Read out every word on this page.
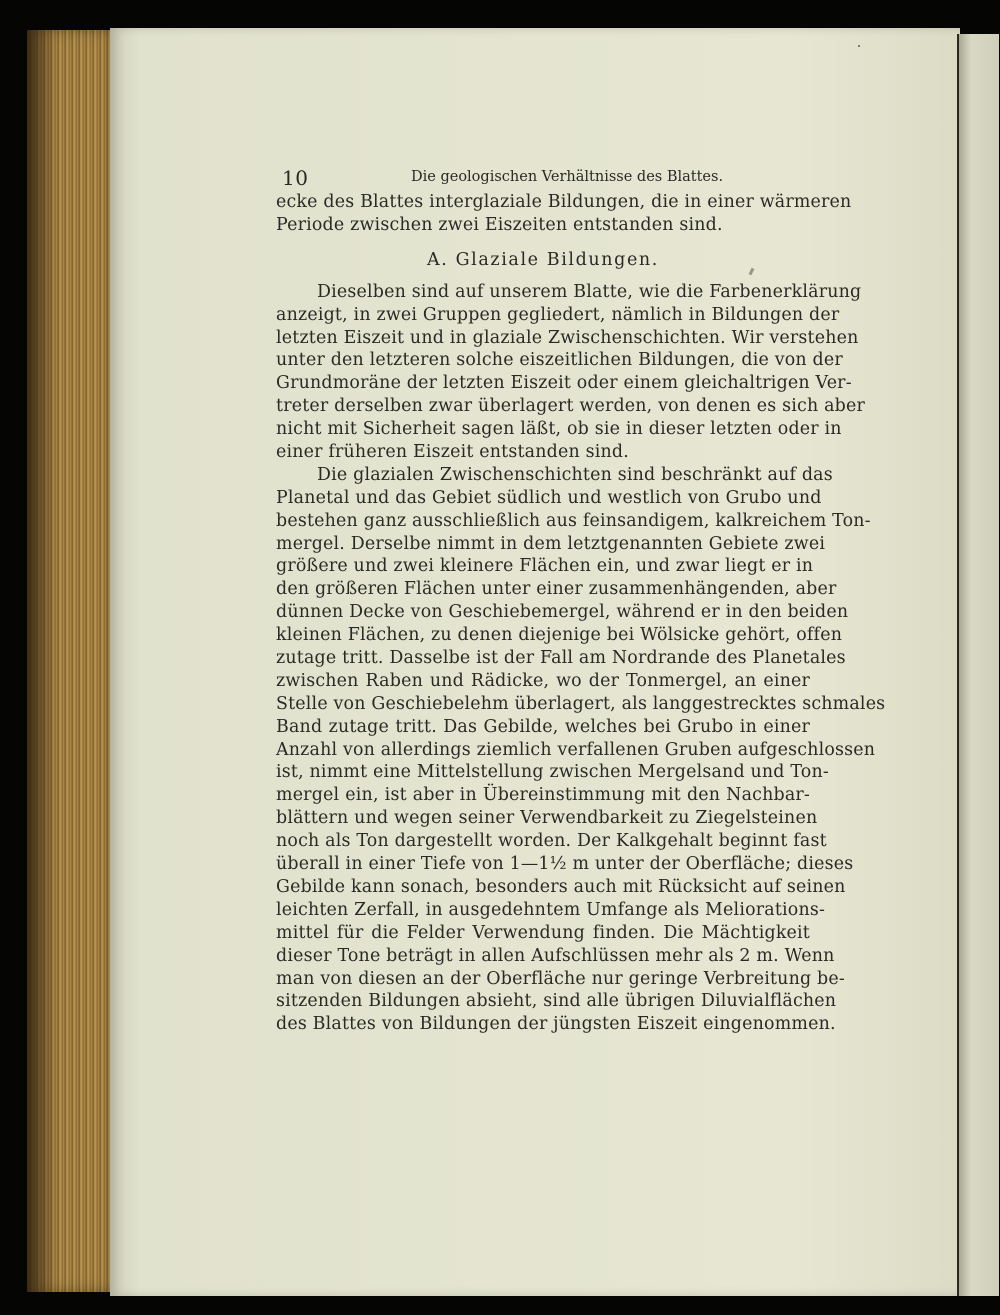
10	Die geologischen Verhältnisse des Blattes.
ecke des Blattes interglaziale Bildungen, die in einer wärmeren
Periode zwischen zwei Eiszeiten entstanden sind.
A. Glaziale Bildungen.
Dieselben sind auf unserem Blatte, wie die Farbenerklärung
anzeigt, in zwei Gruppen gegliedert, nämlich in Bildungen der
letzten Eiszeit und in glaziale Zwischenschichten. Wir verstehen
unter den letzteren solche eiszeitlichen Bildungen, die von der
Grundmoräne der letzten Eiszeit oder einem gleichaltrigen Ver-
treter derselben zwar überlagert werden, von denen es sich aber
nicht mit Sicherheit sagen läßt, ob sie in dieser letzten oder in
einer früheren Eiszeit entstanden sind.
Die glazialen Zwischenschichten sind beschränkt auf das
Planetal und das Gebiet südlich und westlich von Grubo und
bestehen ganz ausschließlich aus feinsandigem, kalkreichem Ton-
mergel. Derselbe nimmt in dem letztgenannten Gebiete zwei
größere und zwei kleinere Flächen ein, und zwar liegt er in
den größeren Flächen unter einer zusammenhängenden, aber
dünnen Decke von Geschiebemergel, während er in den beiden
kleinen Flächen, zu denen diejenige bei Wölsicke gehört, offen
zutage tritt. Dasselbe ist der Fall am Nordrande des Planetales
zwischen Raben und Rädicke, wo der Tonmergel, an einer
Stelle von Geschiebelehm überlagert, als langgestrecktes schmales
Band zutage tritt. Das Gebilde, welches bei Grubo in einer
Anzahl von allerdings ziemlich verfallenen Gruben aufgeschlossen
ist, nimmt eine Mittelstellung zwischen Mergelsand und Ton-
mergel ein, ist aber in Übereinstimmung mit den Nachbar-
blättern und wegen seiner Verwendbarkeit zu Ziegelsteinen
noch als Ton dargestellt worden. Der Kalkgehalt beginnt fast
überall in einer Tiefe von 1—1½ m unter der Oberfläche; dieses
Gebilde kann sonach, besonders auch mit Rücksicht auf seinen
leichten Zerfall, in ausgedehntem Umfange als Meliorations-
mittel für die Felder Verwendung finden. Die Mächtigkeit
dieser Tone beträgt in allen Aufschlüssen mehr als 2 m. Wenn
man von diesen an der Oberfläche nur geringe Verbreitung be-
sitzenden Bildungen absieht, sind alle übrigen Diluvialflächen
des Blattes von Bildungen der jüngsten Eiszeit eingenommen.
